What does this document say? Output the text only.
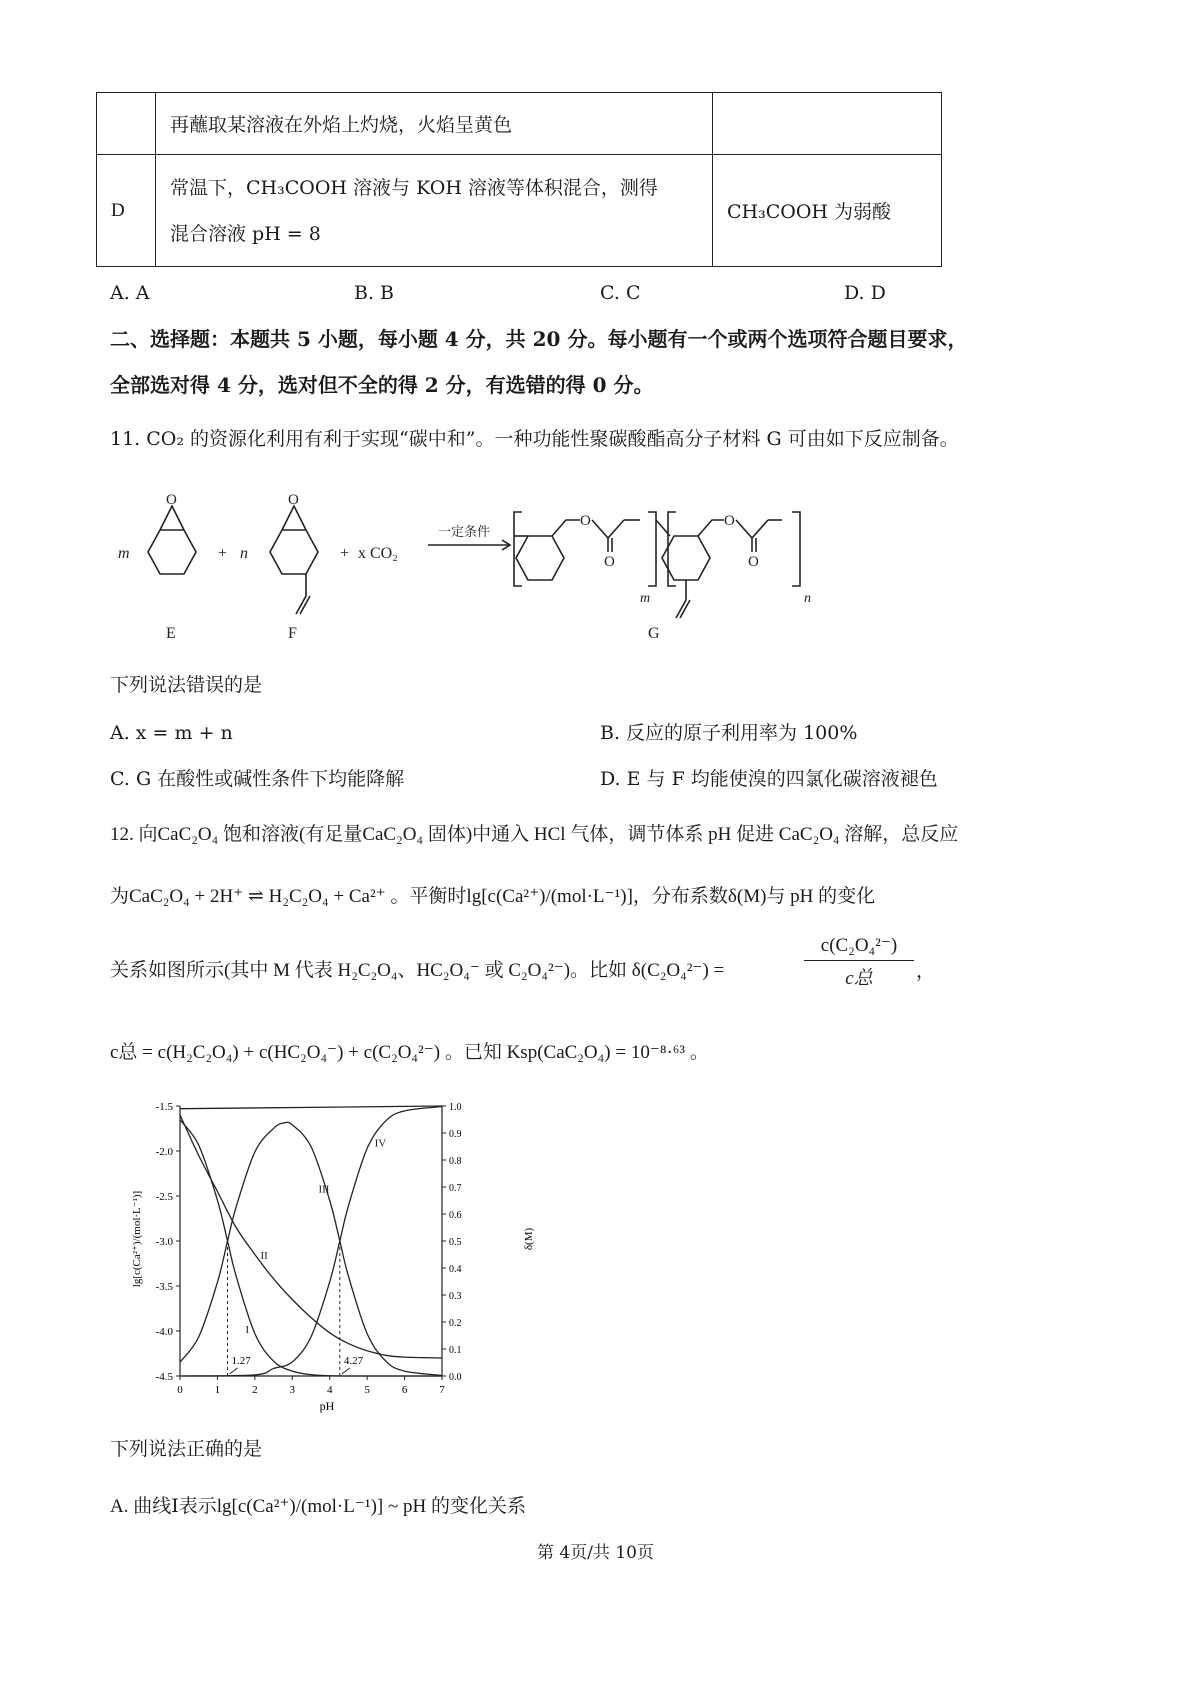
	再蘸取某溶液在外焰上灼烧，火焰呈黄色	
D	常温下，CH₃COOH 溶液与 KOH 溶液等体积混合，测得
混合溶液 pH = 8	CH₃COOH 为弱酸
A. A	B. B	C. C	D. D
二、选择题：本题共 5 小题，每小题 4 分，共 20 分。每小题有一个或两个选项符合题目要求，
全部选对得 4 分，选对但不全的得 2 分，有选错的得 0 分。
11. CO₂ 的资源化利用有利于实现“碳中和”。一种功能性聚碳酸酯高分子材料 G 可由如下反应制备。
m	n
m	n
+	+ x CO₂
一定条件
O	O
O
O
O
O
E	F	G
下列说法错误的是
A. x = m + n	B. 反应的原子利用率为 100%
C. G 在酸性或碱性条件下均能降解	D. E 与 F 均能使溴的四氯化碳溶液褪色
12. 向CaC₂O₄ 饱和溶液(有足量CaC₂O₄ 固体)中通入 HCl 气体，调节体系 pH 促进 CaC₂O₄ 溶解，总反应
为CaC₂O₄ + 2H⁺ ⇌ H₂C₂O₄ + Ca²⁺ 。平衡时lg[c(Ca²⁺)/(mol·L⁻¹)]，分布系数δ(M)与 pH 的变化
关系如图所示(其中 M 代表 H₂C₂O₄、HC₂O₄⁻ 或 C₂O₄²⁻)。比如 δ(C₂O₄²⁻) =
c(C₂O₄²⁻)
c总	，
c总 = c(H₂C₂O₄) + c(HC₂O₄⁻) + c(C₂O₄²⁻) 。已知 Ksp(CaC₂O₄) = 10⁻⁸·⁶³ 。
0	1	2	3	4	5	6	7
-1.5
-2.0
-2.5
-3.0
-3.5
-4.0
-4.5
1.0
0.9
0.8
0.7
0.6
0.5
0.4
0.3
0.2
0.1
0.0
I
II
III
IV
1.27	4.27
pH
lg[c(Ca²⁺)/(mol·L⁻¹)]	δ(M)
下列说法正确的是
A. 曲线Ⅰ表示lg[c(Ca²⁺)/(mol·L⁻¹)] ~ pH 的变化关系
第 4页/共 10页
